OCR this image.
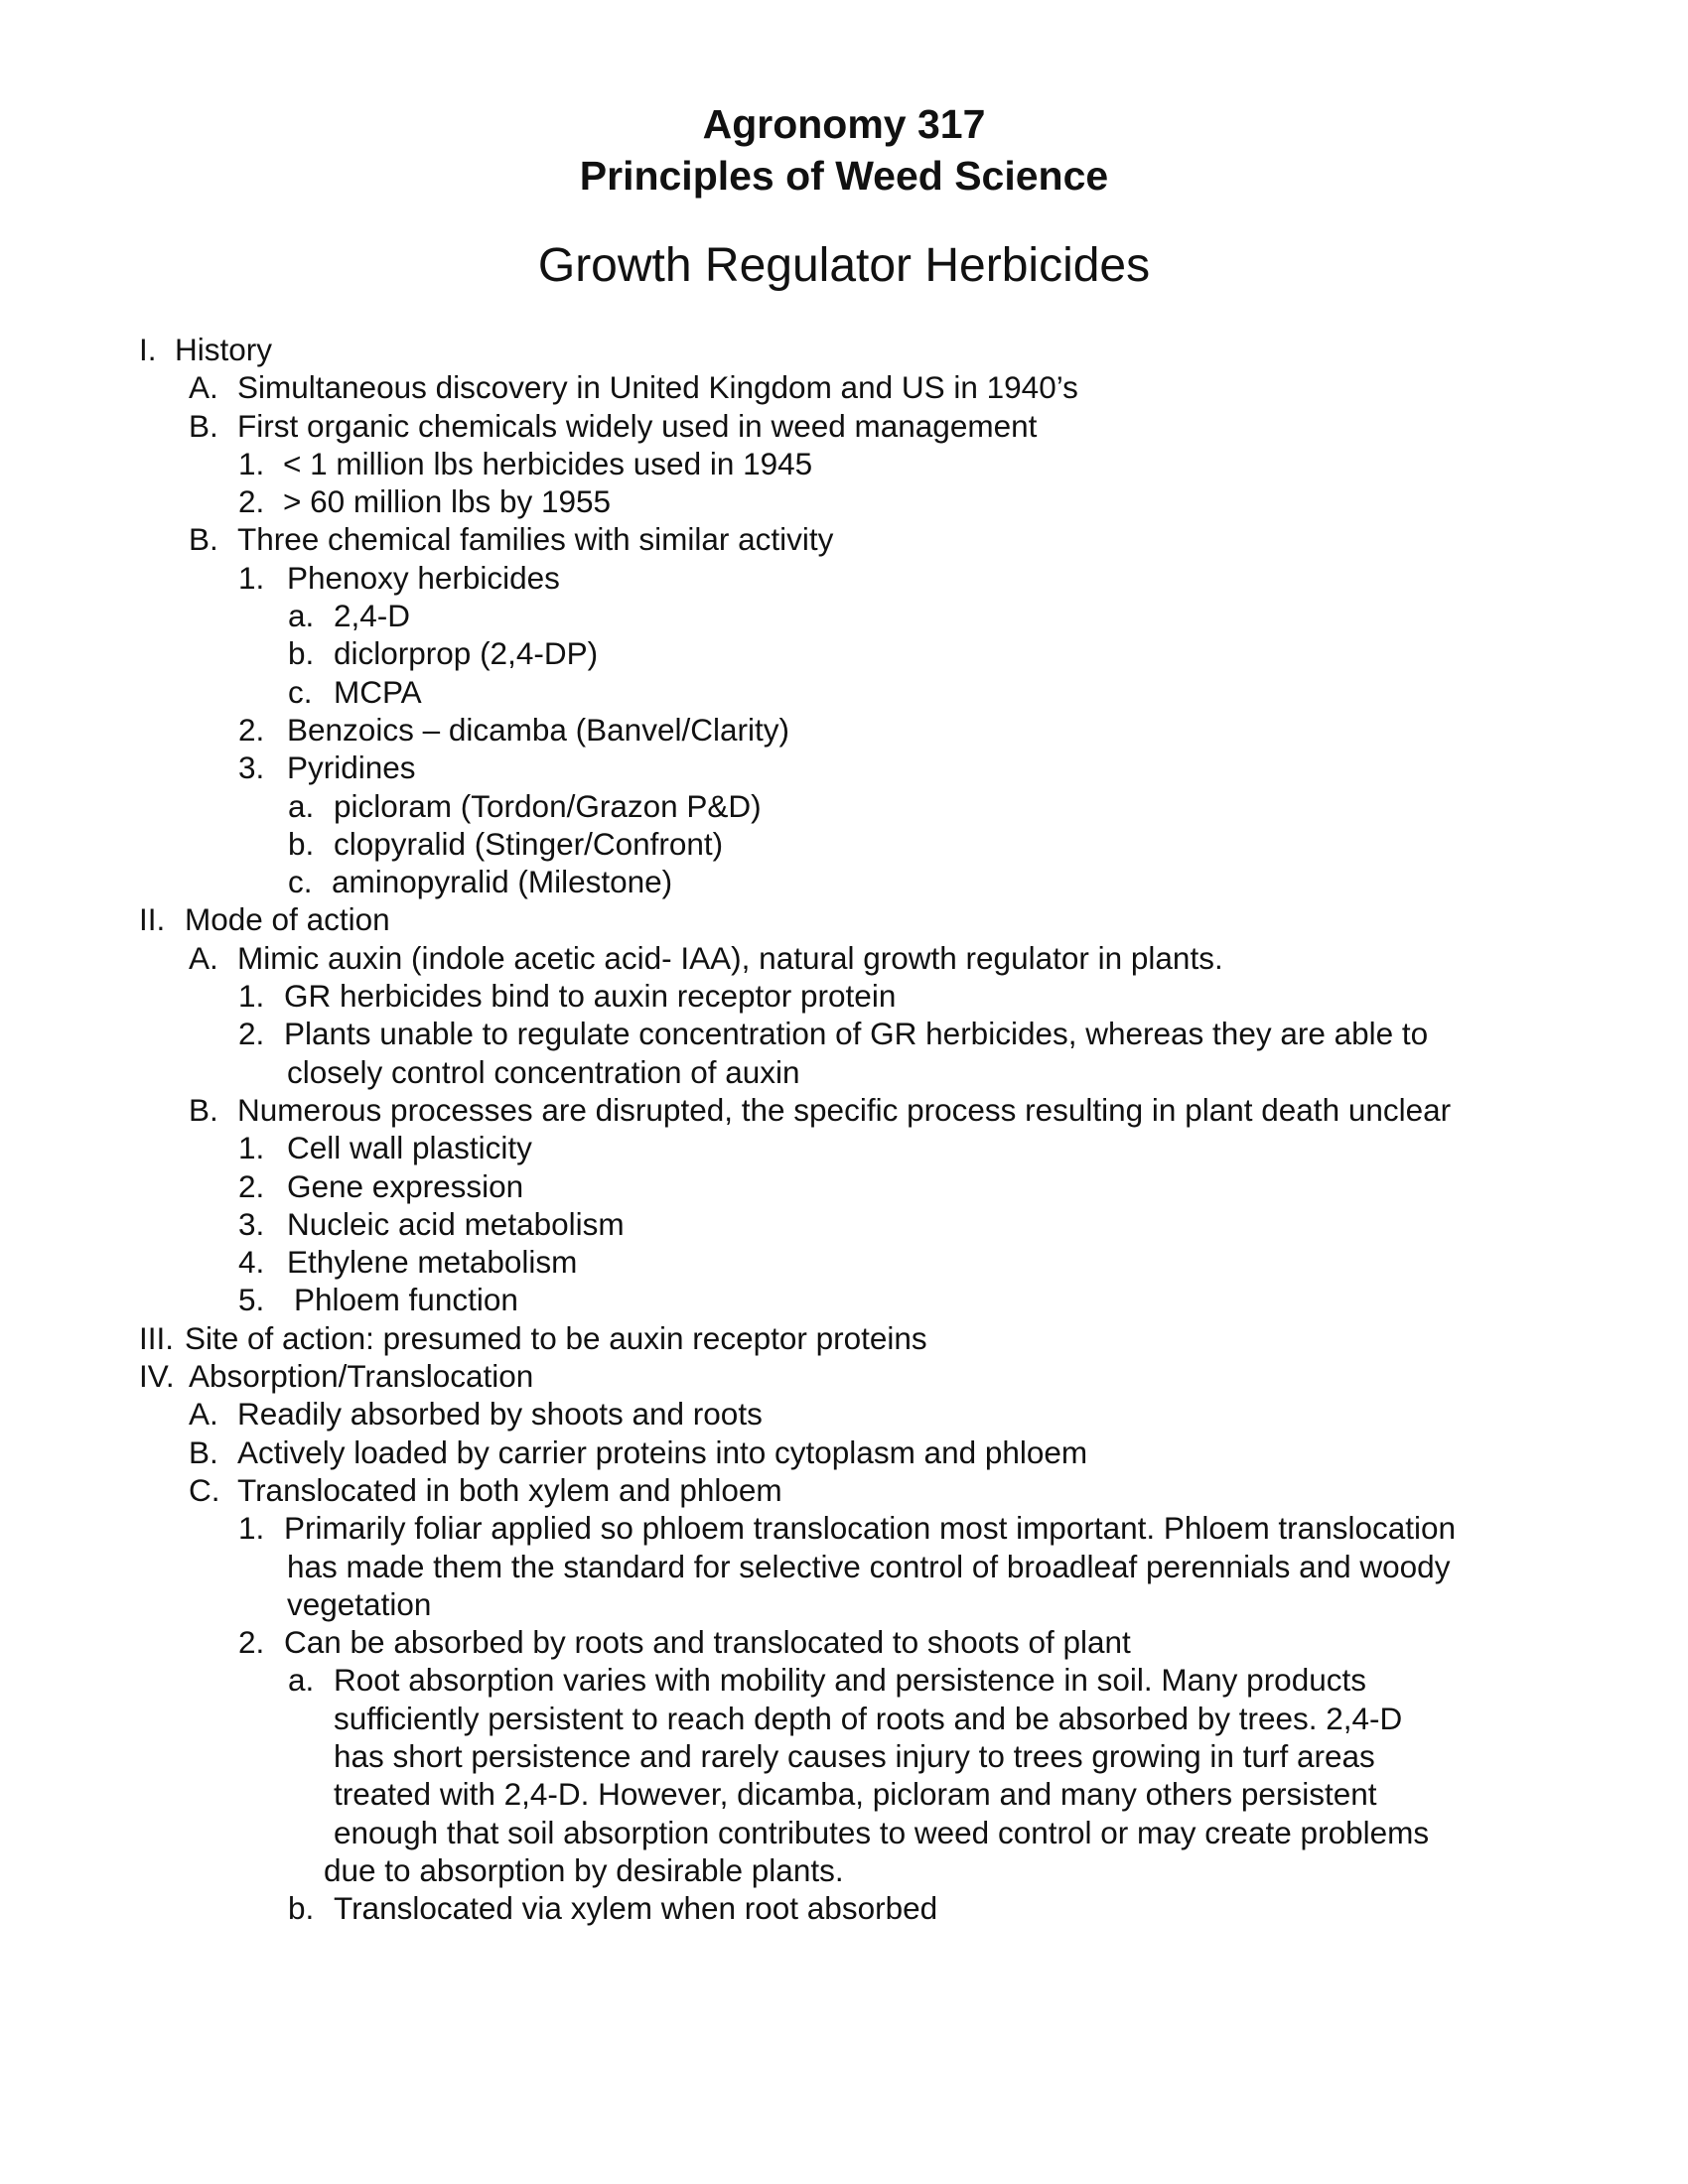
Agronomy 317
Principles of Weed Science
Growth Regulator Herbicides
I. History
A. Simultaneous discovery in United Kingdom and US in 1940’s
B. First organic chemicals widely used in weed management
1. < 1 million lbs herbicides used in 1945
2. > 60 million lbs by 1955
B. Three chemical families with similar activity
1. Phenoxy herbicides
a. 2,4-D
b. diclorprop (2,4-DP)
c. MCPA
2. Benzoics – dicamba (Banvel/Clarity)
3. Pyridines
a. picloram (Tordon/Grazon P&D)
b. clopyralid (Stinger/Confront)
c. aminopyralid (Milestone)
II. Mode of action
A. Mimic auxin (indole acetic acid- IAA), natural growth regulator in plants.
1. GR herbicides bind to auxin receptor protein
2. Plants unable to regulate concentration of GR herbicides, whereas they are able to
closely control concentration of auxin
B. Numerous processes are disrupted, the specific process resulting in plant death unclear
1. Cell wall plasticity
2. Gene expression
3. Nucleic acid metabolism
4. Ethylene metabolism
5. Phloem function
III. Site of action: presumed to be auxin receptor proteins
IV. Absorption/Translocation
A. Readily absorbed by shoots and roots
B. Actively loaded by carrier proteins into cytoplasm and phloem
C. Translocated in both xylem and phloem
1. Primarily foliar applied so phloem translocation most important. Phloem translocation
has made them the standard for selective control of broadleaf perennials and woody
vegetation
2. Can be absorbed by roots and translocated to shoots of plant
a. Root absorption varies with mobility and persistence in soil. Many products
sufficiently persistent to reach depth of roots and be absorbed by trees. 2,4-D
has short persistence and rarely causes injury to trees growing in turf areas
treated with 2,4-D. However, dicamba, picloram and many others persistent
enough that soil absorption contributes to weed control or may create problems
due to absorption by desirable plants.
b. Translocated via xylem when root absorbed
